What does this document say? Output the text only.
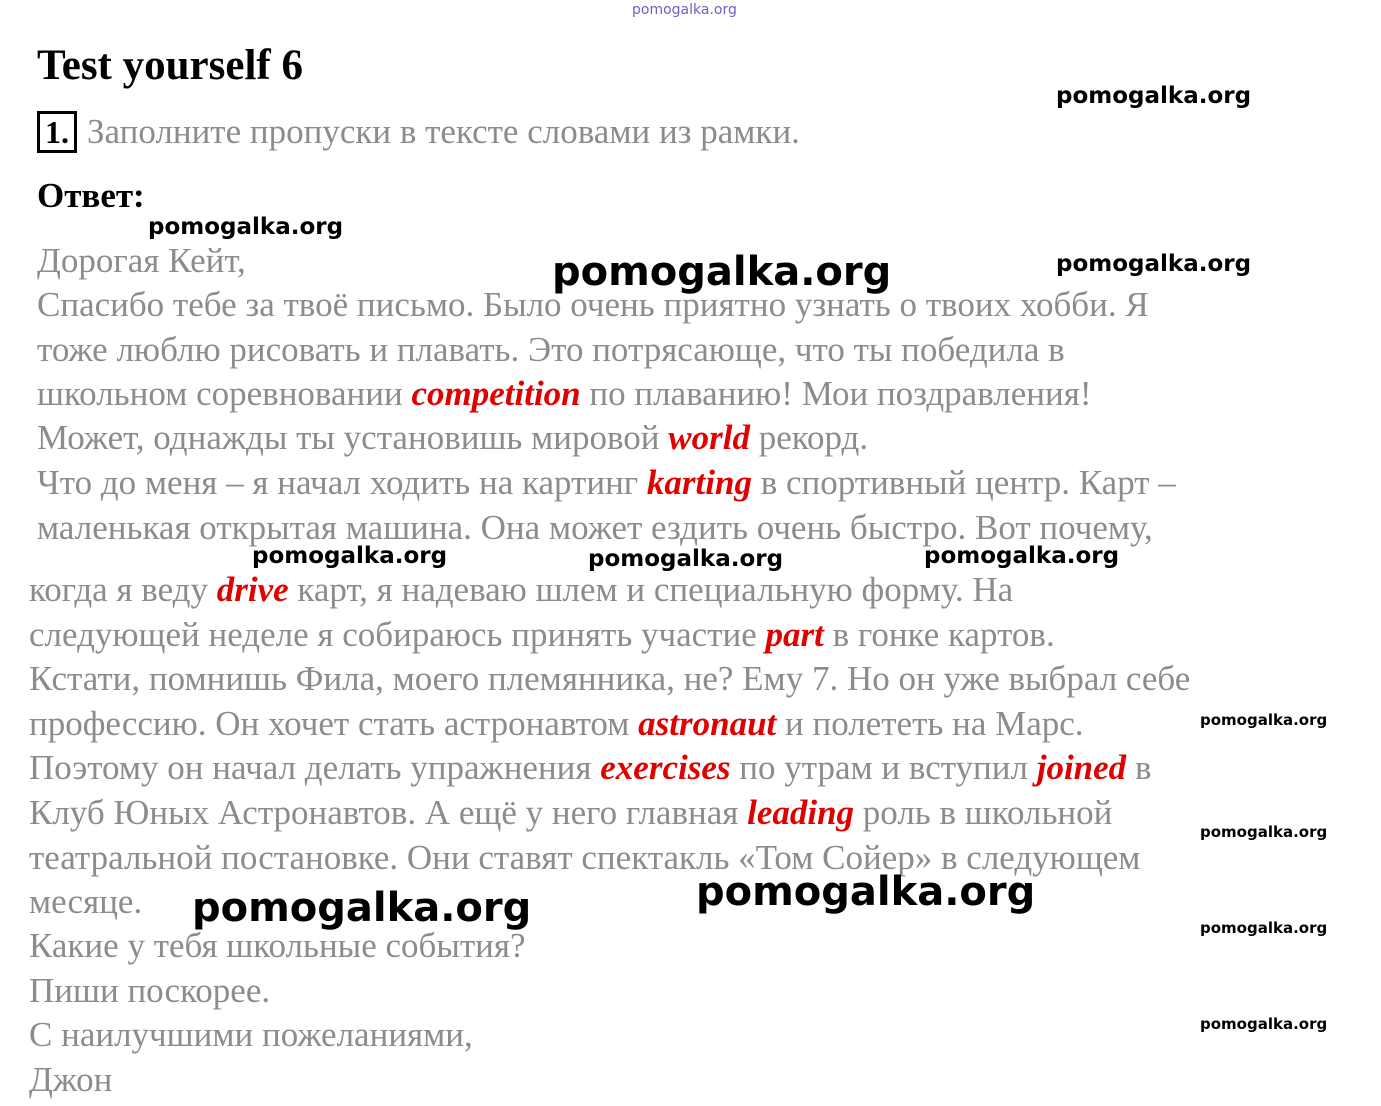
pomogalka.org
Test yourself 6
1. Заполните пропуски в тексте словами из рамки.
Ответ:
Дорогая Кейт,
Спасибо тебе за твоё письмо. Было очень приятно узнать о твоих хобби. Я
тоже люблю рисовать и плавать. Это потрясающе, что ты победила в
школьном соревновании competition по плаванию! Мои поздравления!
Может, однажды ты установишь мировой world рекорд.
Что до меня – я начал ходить на картинг karting в спортивный центр. Карт –
маленькая открытая машина. Она может ездить очень быстро. Вот почему,
когда я веду drive карт, я надеваю шлем и специальную форму. На
следующей неделе я собираюсь принять участие part в гонке картов.
Кстати, помнишь Фила, моего племянника, не? Ему 7. Но он уже выбрал себе
профессию. Он хочет стать астронавтом astronaut и полететь на Марс.
Поэтому он начал делать упражнения exercises по утрам и вступил joined в
Клуб Юных Астронавтов. А ещё у него главная leading роль в школьной
театральной постановке. Они ставят спектакль «Том Сойер» в следующем
месяце.
Какие у тебя школьные события?
Пиши поскорее.
С наилучшими пожеланиями,
Джон
pomogalka.org
pomogalka.org
pomogalka.org	pomogalka.org
pomogalka.org	pomogalka.org	pomogalka.org
pomogalka.org
pomogalka.org
pomogalka.org
pomogalka.org	pomogalka.org
pomogalka.org
